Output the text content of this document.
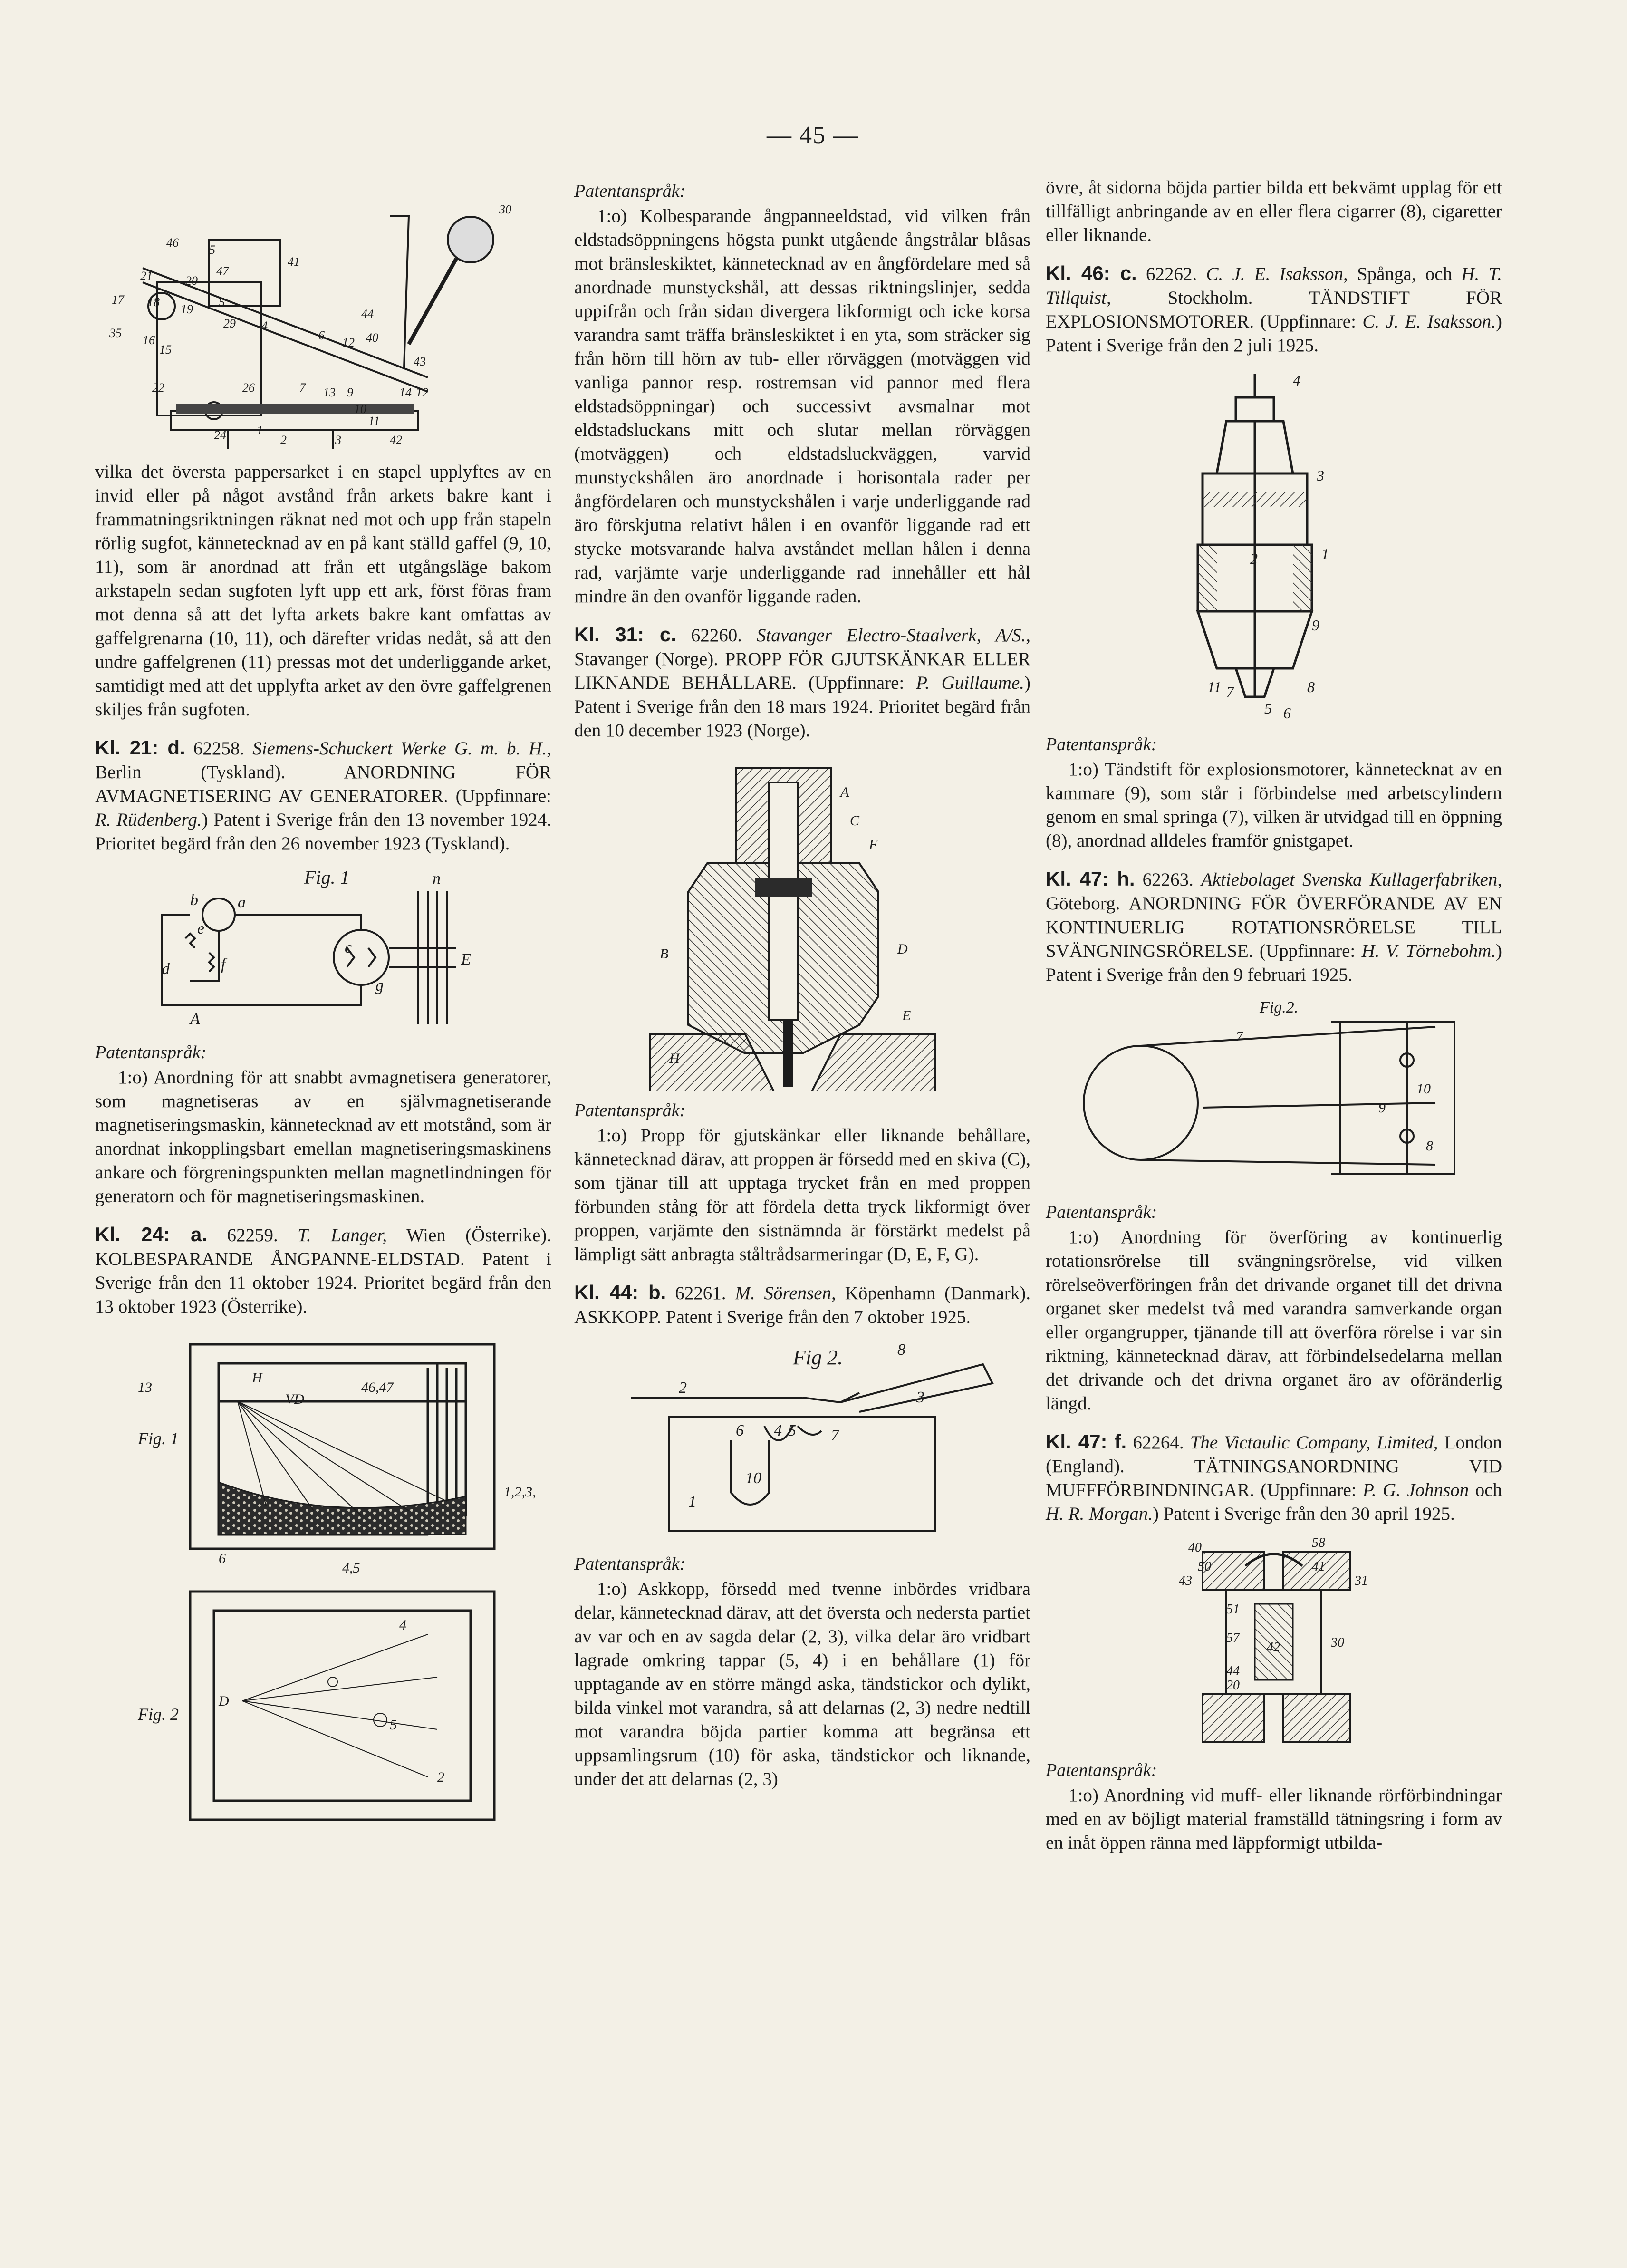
— 45 —
30
46
5
47
41
21	20
17 18
19
5
29 4
44
35
16
15
6
12 40
43
22	26	7 13 9	14 12
10
11
24 1
2	3	42

vilka det översta pappersarket i en stapel upplyftes av en invid eller på något avstånd från arkets bakre kant i frammatningsriktningen räknat ned mot och upp från stapeln rörlig sugfot, kännetecknad av en på kant ställd gaffel (9, 10, 11), som är anordnad att från ett utgångsläge bakom arkstapeln sedan sugfoten lyft upp ett ark, först föras fram mot denna så att det lyfta arkets bakre kant omfattas av gaffelgrenarna (10, 11), och därefter vridas nedåt, så att den undre gaffelgrenen (11) pressas mot det underliggande arket, samtidigt med att det upplyfta arket av den övre gaffelgrenen skiljes från sugfoten.

Kl. 21: d. 62258. Siemens-Schuckert Werke G. m. b. H., Berlin (Tyskland). ANORDNING FÖR AVMAGNETISERING AV GENERATORER. (Uppfinnare: R. Rüdenberg.) Patent i Sverige från den 13 november 1924. Prioritet begärd från den 26 november 1923 (Tyskland).

Fig. 1	n
a
b
c
d
e
f
g
E
A

Patentanspråk:

1:o) Anordning för att snabbt avmagnetisera generatorer, som magnetiseras av en självmagnetiserande magnetiseringsmaskin, kännetecknad av ett motstånd, som är anordnat inkopplingsbart emellan magnetiseringsmaskinens ankare och förgreningspunkten mellan magnetlindningen för generatorn och för magnetiseringsmaskinen.

Kl. 24: a. 62259. T. Langer, Wien (Österrike). KOLBESPARANDE ÅNGPANNE-ELDSTAD. Patent i Sverige från den 11 oktober 1924. Prioritet begärd från den 13 oktober 1923 (Österrike).

13
Fig. 1
H
46,47
VD
1,2,3,
6
4,5
Fig. 2
D
4
5
2

Patentanspråk:

1:o) Kolbesparande ångpanneeldstad, vid vilken från eldstadsöppningens högsta punkt utgående ångstrålar blåsas mot bränsleskiktet, kännetecknad av en ångfördelare med så anordnade munstyckshål, att dessas riktningslinjer, sedda uppifrån och från sidan divergera likformigt och icke korsa varandra samt träffa bränsleskiktet i en yta, som sträcker sig från hörn till hörn av tub- eller rörväggen (motväggen vid vanliga pannor resp. rostremsan vid pannor med flera eldstadsöppningar) och successivt avsmalnar mot eldstadsluckans mitt och slutar mellan rörväggen (motväggen) och eldstadsluckväggen, varvid munstyckshålen äro anordnade i horisontala rader per ångfördelaren och munstyckshålen i varje underliggande rad äro förskjutna relativt hålen i en ovanför liggande rad ett stycke motsvarande halva avståndet mellan hålen i denna rad, varjämte varje underliggande rad innehåller ett hål mindre än den ovanför liggande raden.

Kl. 31: c. 62260. Stavanger Electro-Staalverk, A/S., Stavanger (Norge). PROPP FÖR GJUTSKÄNKAR ELLER LIKNANDE BEHÅLLARE. (Uppfinnare: P. Guillaume.) Patent i Sverige från den 18 mars 1924. Prioritet begärd från den 10 december 1923 (Norge).

A
C
F
B	D
E
H

Patentanspråk:

1:o) Propp för gjutskänkar eller liknande behållare, kännetecknad därav, att proppen är försedd med en skiva (C), som tjänar till att upptaga trycket från en med proppen förbunden stång för att fördela detta tryck likformigt över proppen, varjämte den sistnämnda är förstärkt medelst på lämpligt sätt anbragta ståltrådsarmeringar (D, E, F, G).

Kl. 44: b. 62261. M. Sörensen, Köpenhamn (Danmark). ASKKOPP. Patent i Sverige från den 7 oktober 1925.

Fig 2.	8
2
3
6 4 5 7
1
10

Patentanspråk:

1:o) Askkopp, försedd med tvenne inbördes vridbara delar, kännetecknad därav, att det översta och nedersta partiet av var och en av sagda delar (2, 3), vilka delar äro vridbart lagrade omkring tappar (5, 4) i en behållare (1) för upptagande av en större mängd aska, tändstickor och dylikt, bilda vinkel mot varandra, så att delarnas (2, 3) nedre nedtill mot varandra böjda partier komma att begränsa ett uppsamlingsrum (10) för aska, tändstickor och liknande, under det att delarnas (2, 3)

övre, åt sidorna böjda partier bilda ett bekvämt upplag för ett tillfälligt anbringande av en eller flera cigarrer (8), cigaretter eller liknande.

Kl. 46: c. 62262. C. J. E. Isaksson, Spånga, och H. T. Tillquist,	Stockholm. TÄNDSTIFT FÖR EXPLOSIONSMOTORER. (Uppfinnare: C. J. E. Isaksson.) Patent i Sverige från den 2 juli 1925.

4
3
2	1
9
11 7
5 6
8

Patentanspråk:

1:o) Tändstift för explosionsmotorer, kännetecknat av en kammare (9), som står i förbindelse med arbetscylindern genom en smal springa (7), vilken är utvidgad till en öppning (8), anordnad alldeles framför gnistgapet.

Kl. 47: h. 62263. Aktiebolaget Svenska Kullagerfabriken, Göteborg. ANORDNING FÖR ÖVERFÖRANDE AV EN KONTINUERLIG ROTATIONSRÖRELSE TILL SVÄNGNINGSRÖRELSE. (Uppfinnare: H. V. Törnebohm.) Patent i Sverige från den 9 februari 1925.

Fig.2.
7
10
9
8

Patentanspråk:

1:o) Anordning för överföring av kontinuerlig rotationsrörelse till svängningsrörelse, vid vilken rörelseöverföringen från det drivande organet till det drivna organet sker medelst två med varandra samverkande organ eller organgrupper, tjänande till att överföra rörelse i var sin riktning, kännetecknad därav, att förbindelsedelarna mellan det drivande och det drivna organet äro av oföränderlig längd.

Kl. 47: f. 62264. The Victaulic Company, Limited, London (England). TÄTNINGSANORDNING VID MUFFFÖRBINDNINGAR. (Uppfinnare: P. G. Johnson och H. R. Morgan.) Patent i Sverige från den 30 april 1925.

40	58
50	41
43	31
51
57
42	30
44
20

Patentanspråk:

1:o) Anordning vid muff- eller liknande rörförbindningar med en av böjligt material framställd tätningsring i form av en inåt öppen ränna med läppformigt utbilda-
